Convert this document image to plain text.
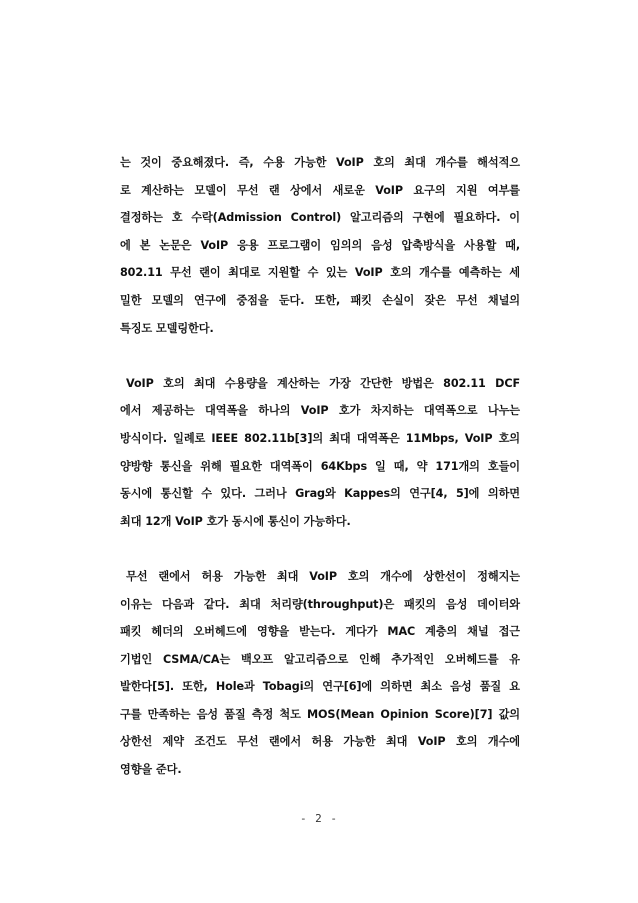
는 것이 중요해졌다. 즉, 수용 가능한 VoIP 호의 최대 개수를 해석적으
로 계산하는 모델이 무선 랜 상에서 새로운 VoIP 요구의 지원 여부를
결정하는 호 수락(Admission Control) 알고리즘의 구현에 필요하다. 이
에 본 논문은 VoIP 응용 프로그램이 임의의 음성 압축방식을 사용할 때,
802.11 무선 랜이 최대로 지원할 수 있는 VoIP 호의 개수를 예측하는 세
밀한 모델의 연구에 중점을 둔다. 또한, 패킷 손실이 잦은 무선 채널의
특징도 모델링한다.
VoIP 호의 최대 수용량을 계산하는 가장 간단한 방법은 802.11 DCF
에서 제공하는 대역폭을 하나의 VoIP 호가 차지하는 대역폭으로 나누는
방식이다. 일례로 IEEE 802.11b[3]의 최대 대역폭은 11Mbps, VoIP 호의
양방향 통신을 위해 필요한 대역폭이 64Kbps 일 때, 약 171개의 호들이
동시에 통신할 수 있다. 그러나 Grag와 Kappes의 연구[4, 5]에 의하면
최대 12개 VoIP 호가 동시에 통신이 가능하다.
무선 랜에서 허용 가능한 최대 VoIP 호의 개수에 상한선이 정해지는
이유는 다음과 같다. 최대 처리량(throughput)은 패킷의 음성 데이터와
패킷 헤더의 오버헤드에 영향을 받는다. 게다가 MAC 계층의 채널 접근
기법인 CSMA/CA는 백오프 알고리즘으로 인해 추가적인 오버헤드를 유
발한다[5]. 또한, Hole과 Tobagi의 연구[6]에 의하면 최소 음성 품질 요
구를 만족하는 음성 품질 측정 척도 MOS(Mean Opinion Score)[7] 값의
상한선 제약 조건도 무선 랜에서 허용 가능한 최대 VoIP 호의 개수에
영향을 준다.
- 2 -
